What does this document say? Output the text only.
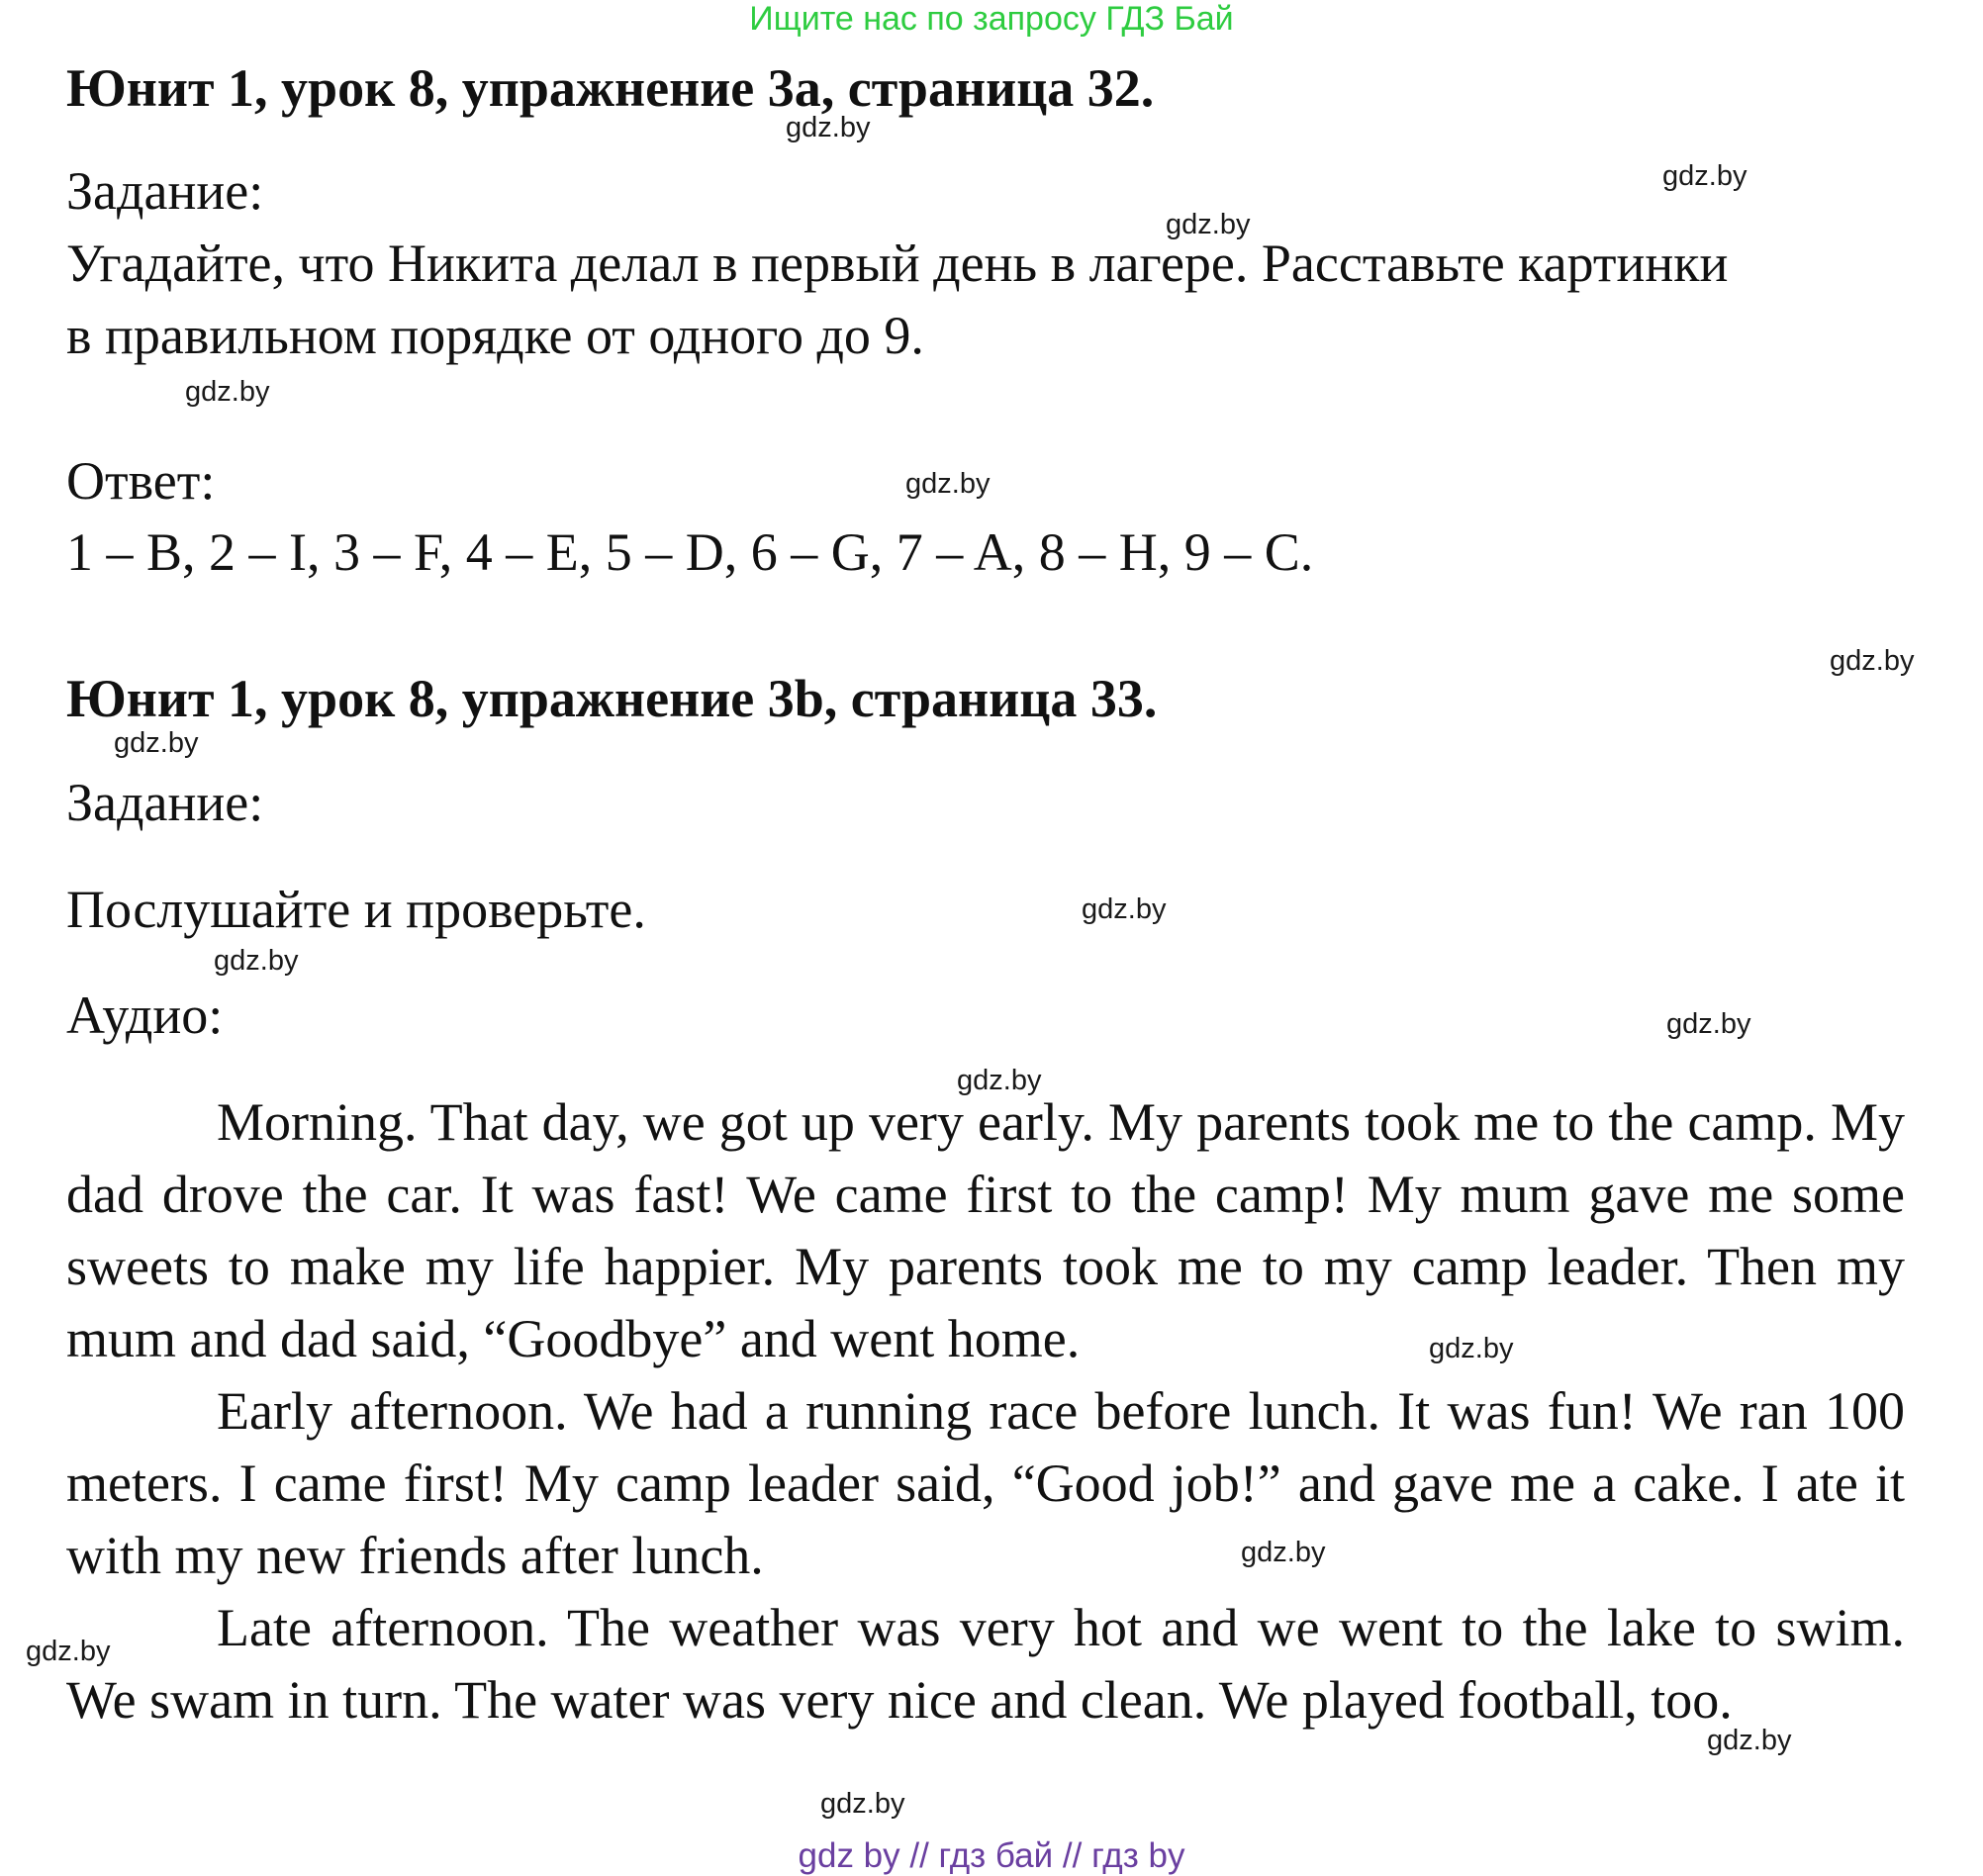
Ищите нас по запросу ГДЗ Бай
Юнит 1, урок 8, упражнение 3a, страница 32.
Задание:
Угадайте, что Никита делал в первый день в лагере. Расставьте картинки
в правильном порядке от одного до 9.
Ответ:
1 – B, 2 – I, 3 – F, 4 – E, 5 – D, 6 – G, 7 – A, 8 – H, 9 – C.
Юнит 1, урок 8, упражнение 3b, страница 33.
Задание:
Послушайте и проверьте.
Аудио:
Morning. That day, we got up very early. My parents took me to the camp. My dad drove the car. It was fast! We came first to the camp! My mum gave me some sweets to make my life happier. My parents took me to my camp leader. Then my mum and dad said, “Goodbye” and went home.
Early afternoon. We had a running race before lunch. It was fun! We ran 100 meters. I came first! My camp leader said, “Good job!” and gave me a cake. I ate it with my new friends after lunch.
Late afternoon. The weather was very hot and we went to the lake to swim. We swam in turn. The water was very nice and clean. We played football, too.
gdz.by
gdz.by
gdz.by
gdz.by
gdz.by
gdz.by
gdz.by
gdz.by
gdz.by
gdz.by
gdz.by
gdz.by
gdz.by
gdz.by
gdz.by
gdz.by
gdz by // гдз бай // гдз by
